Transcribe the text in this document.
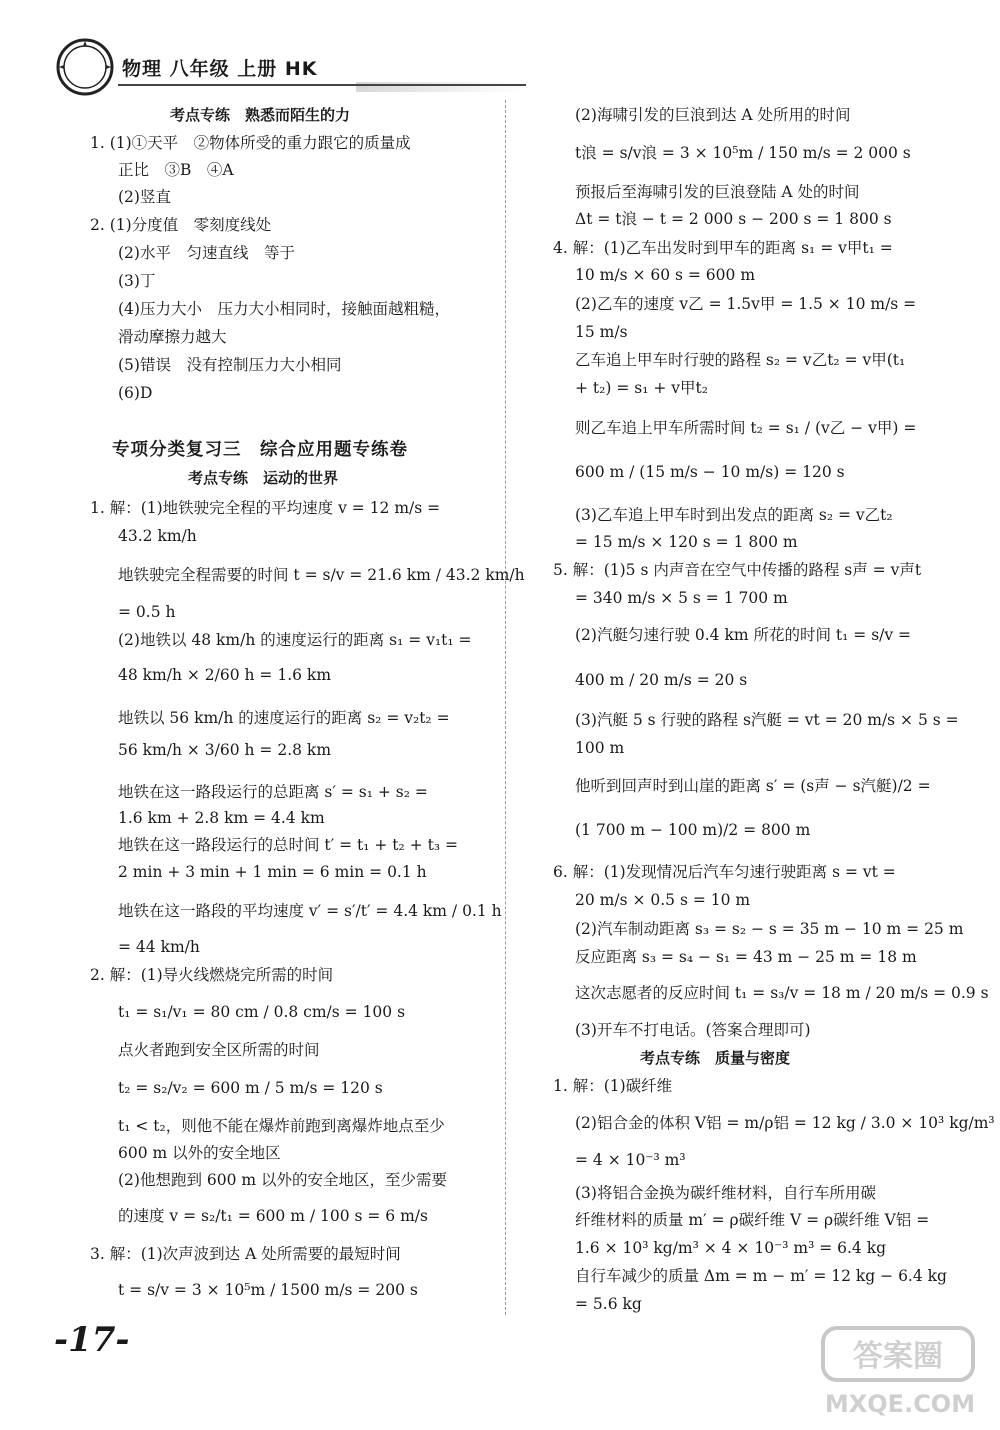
物理 八年级 上册 HK
考点专练　熟悉而陌生的力
1. (1)①天平　②物体所受的重力跟它的质量成
正比　③B　④A
(2)竖直
2. (1)分度值　零刻度线处
(2)水平　匀速直线　等于
(3)丁
(4)压力大小　压力大小相同时，接触面越粗糙，
滑动摩擦力越大
(5)错误　没有控制压力大小相同
(6)D
专项分类复习三　综合应用题专练卷
考点专练　运动的世界
1. 解：(1)地铁驶完全程的平均速度 v = 12 m/s =
43.2 km/h
地铁驶完全程需要的时间 t = s/v = 21.6 km / 43.2 km/h
= 0.5 h
(2)地铁以 48 km/h 的速度运行的距离 s₁ = v₁t₁ =
48 km/h × 2/60 h = 1.6 km
地铁以 56 km/h 的速度运行的距离 s₂ = v₂t₂ =
56 km/h × 3/60 h = 2.8 km
地铁在这一路段运行的总距离 s′ = s₁ + s₂ =
1.6 km + 2.8 km = 4.4 km
地铁在这一路段运行的总时间 t′ = t₁ + t₂ + t₃ =
2 min + 3 min + 1 min = 6 min = 0.1 h
地铁在这一路段的平均速度 v′ = s′/t′ = 4.4 km / 0.1 h
= 44 km/h
2. 解：(1)导火线燃烧完所需的时间
t₁ = s₁/v₁ = 80 cm / 0.8 cm/s = 100 s
点火者跑到安全区所需的时间
t₂ = s₂/v₂ = 600 m / 5 m/s = 120 s
t₁ < t₂，则他不能在爆炸前跑到离爆炸地点至少
600 m 以外的安全地区
(2)他想跑到 600 m 以外的安全地区，至少需要
的速度 v = s₂/t₁ = 600 m / 100 s = 6 m/s
3. 解：(1)次声波到达 A 处所需要的最短时间
t = s/v = 3 × 10⁵m / 1500 m/s = 200 s
(2)海啸引发的巨浪到达 A 处所用的时间
t浪 = s/v浪 = 3 × 10⁵m / 150 m/s = 2 000 s
预报后至海啸引发的巨浪登陆 A 处的时间
Δt = t浪 − t = 2 000 s − 200 s = 1 800 s
4. 解：(1)乙车出发时到甲车的距离 s₁ = v甲t₁ =
10 m/s × 60 s = 600 m
(2)乙车的速度 v乙 = 1.5v甲 = 1.5 × 10 m/s =
15 m/s
乙车追上甲车时行驶的路程 s₂ = v乙t₂ = v甲(t₁
+ t₂) = s₁ + v甲t₂
则乙车追上甲车所需时间 t₂ = s₁ / (v乙 − v甲) =
600 m / (15 m/s − 10 m/s) = 120 s
(3)乙车追上甲车时到出发点的距离 s₂ = v乙t₂
= 15 m/s × 120 s = 1 800 m
5. 解：(1)5 s 内声音在空气中传播的路程 s声 = v声t
= 340 m/s × 5 s = 1 700 m
(2)汽艇匀速行驶 0.4 km 所花的时间 t₁ = s/v =
400 m / 20 m/s = 20 s
(3)汽艇 5 s 行驶的路程 s汽艇 = vt = 20 m/s × 5 s =
100 m
他听到回声时到山崖的距离 s′ = (s声 − s汽艇)/2 =
(1 700 m − 100 m)/2 = 800 m
6. 解：(1)发现情况后汽车匀速行驶距离 s = vt =
20 m/s × 0.5 s = 10 m
(2)汽车制动距离 s₃ = s₂ − s = 35 m − 10 m = 25 m
反应距离 s₃ = s₄ − s₁ = 43 m − 25 m = 18 m
这次志愿者的反应时间 t₁ = s₃/v = 18 m / 20 m/s = 0.9 s
(3)开车不打电话。(答案合理即可)
考点专练　质量与密度
1. 解：(1)碳纤维
(2)铝合金的体积 V铝 = m/ρ铝 = 12 kg / 3.0 × 10³ kg/m³
= 4 × 10⁻³ m³
(3)将铝合金换为碳纤维材料，自行车所用碳
纤维材料的质量 m′ = ρ碳纤维 V = ρ碳纤维 V铝 =
1.6 × 10³ kg/m³ × 4 × 10⁻³ m³ = 6.4 kg
自行车减少的质量 Δm = m − m′ = 12 kg − 6.4 kg
= 5.6 kg
-17-	答案圈
MXQE.COM
